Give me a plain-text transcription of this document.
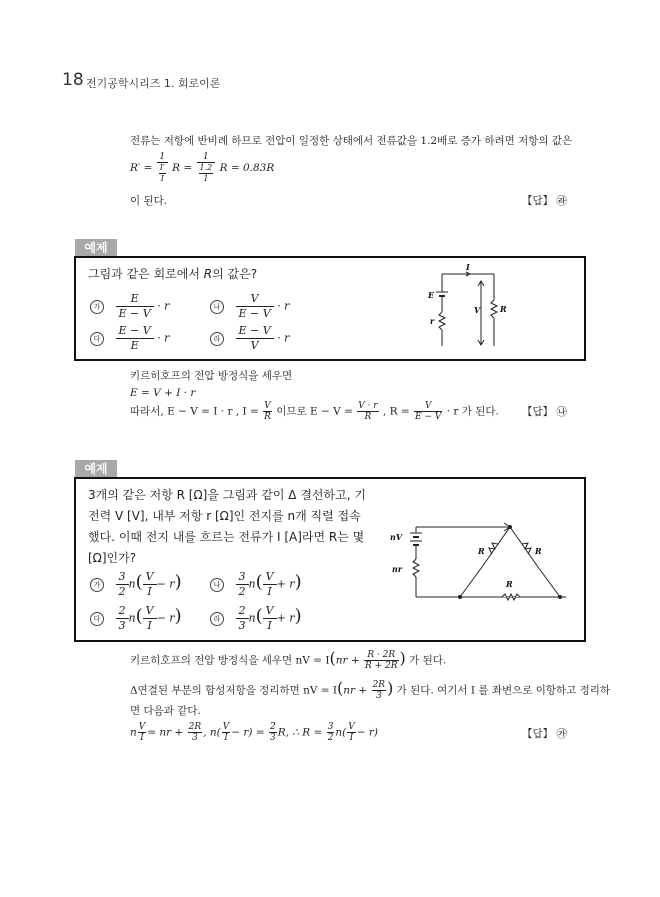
18 전기공학시리즈 1. 회로이론
전류는 저항에 반비례 하므로 전압이 일정한 상태에서 전류값을 1.2배로 증가 하려면 저항의 값은
$R' = \frac{1}{\frac{I'}{I}}$ $R = \frac{1}{\frac{1.2}{1}}$ R = 0.83R
이 된다.	【답】 ㉱
예제
그림과 같은 회로에서 R의 값은?
가 $\frac{E}{E - V} \cdot r$	나 $\frac{V}{E - V} \cdot r$
다 $\frac{E - V}{E} \cdot r$	라 $\frac{E - V}{V} \cdot r$
I
E
V R
r
키르히호프의 전압 방정식을 세우면
E = V + I · r
따라서, E − V = I · r , $I = \frac{V}{R}$ 이므로 $E - V = \frac{V \cdot r}{R}$ , $R = \frac{V}{E - V} \cdot r$ 가 된다. 【답】 ㉯
예제
3개의 같은 저항 R [Ω]을 그림과 같이 Δ 결선하고, 기
전력 V [V], 내부 저항 r [Ω]인 전지를 n개 직렬 접속
했다. 이때 전지 내를 흐르는 전류가 I [A]라면 R는 몇
[Ω]인가?
가 $\frac{3}{2} n( \frac{V}{I} - r)$	나 $\frac{3}{2} n( \frac{V}{I} + r)$
다 $\frac{2}{3} n( \frac{V}{I} - r)$	라 $\frac{2}{3} n( \frac{V}{I} + r)$
nV
nr
R	R
R
키르히호프의 전압 방정식을 세우면 nV = $I(nr + \frac{R \cdot 2R}{R + 2R}$ ) 가 된다.
Δ연결된 부분의 합성저항을 정리하면 nV = $I(nr + \frac{2R}{3}$ ) 가 된다. 여기서 I 를 좌변으로 이항하고 정리하
면 다음과 같다.
n $\frac{V}{I}$ = nr + $\frac{2R}{3}$ , $n( \frac{V}{I} - r) = \frac{2}{3} R$, ∴ $R = \frac{3}{2} n( \frac{V}{I} - r)$	【답】 ㉮
